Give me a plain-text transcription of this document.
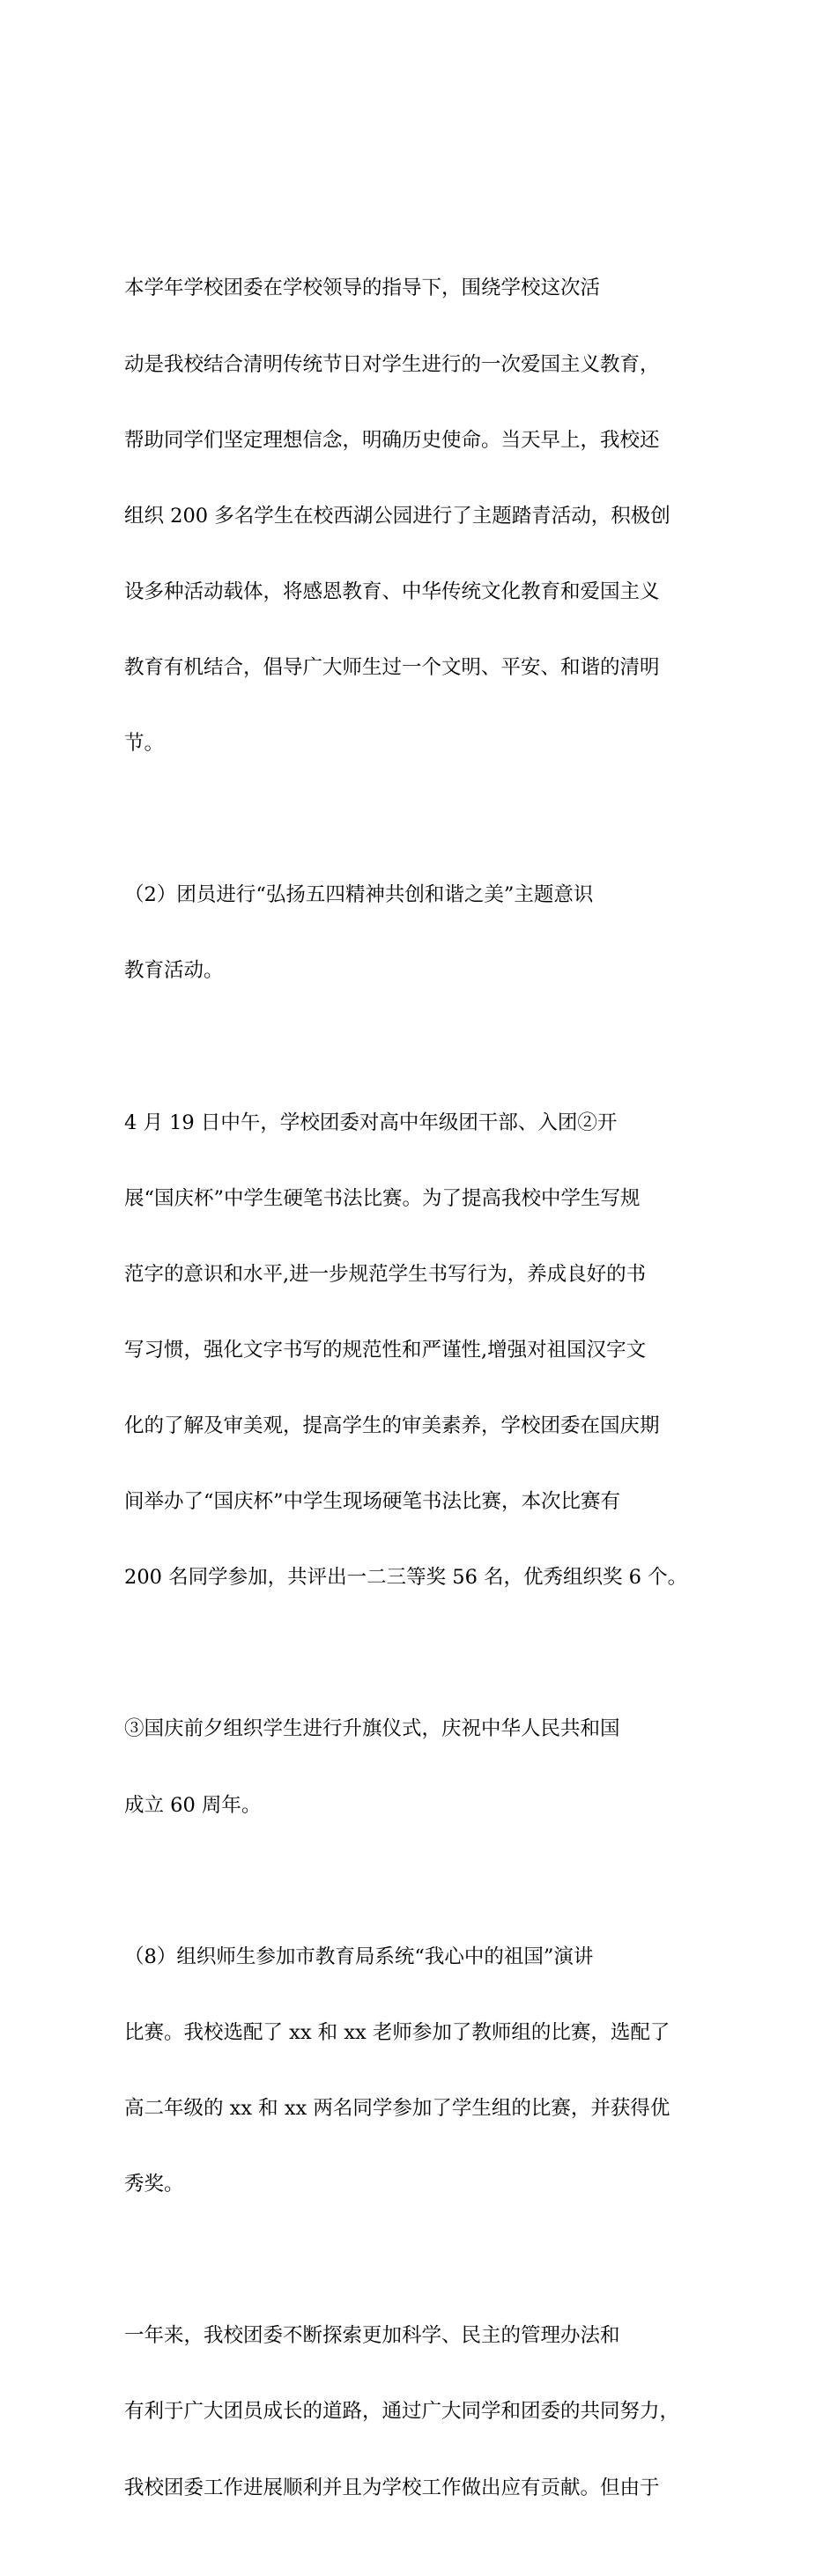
本学年学校团委在学校领导的指导下，围绕学校这次活

动是我校结合清明传统节日对学生进行的一次爱国主义教育，

帮助同学们坚定理想信念，明确历史使命。当天早上，我校还

组织 200 多名学生在校西湖公园进行了主题踏青活动，积极创

设多种活动载体，将感恩教育、中华传统文化教育和爱国主义

教育有机结合，倡导广大师生过一个文明、平安、和谐的清明

节。

（2）团员进行“弘扬五四精神共创和谐之美”主题意识

教育活动。

4 月 19 日中午，学校团委对高中年级团干部、入团②开

展“国庆杯”中学生硬笔书法比赛。为了提高我校中学生写规

范字的意识和水平,进一步规范学生书写行为，养成良好的书

写习惯，强化文字书写的规范性和严谨性,增强对祖国汉字文

化的了解及审美观，提高学生的审美素养，学校团委在国庆期

间举办了“国庆杯”中学生现场硬笔书法比赛，本次比赛有

200 名同学参加，共评出一二三等奖 56 名，优秀组织奖 6 个。

③国庆前夕组织学生进行升旗仪式，庆祝中华人民共和国

成立 60 周年。

（8）组织师生参加市教育局系统“我心中的祖国”演讲

比赛。我校选配了 xx 和 xx 老师参加了教师组的比赛，选配了

高二年级的 xx 和 xx 两名同学参加了学生组的比赛，并获得优

秀奖。

一年来，我校团委不断探索更加科学、民主的管理办法和

有利于广大团员成长的道路，通过广大同学和团委的共同努力，

我校团委工作进展顺利并且为学校工作做出应有贡献。但由于
